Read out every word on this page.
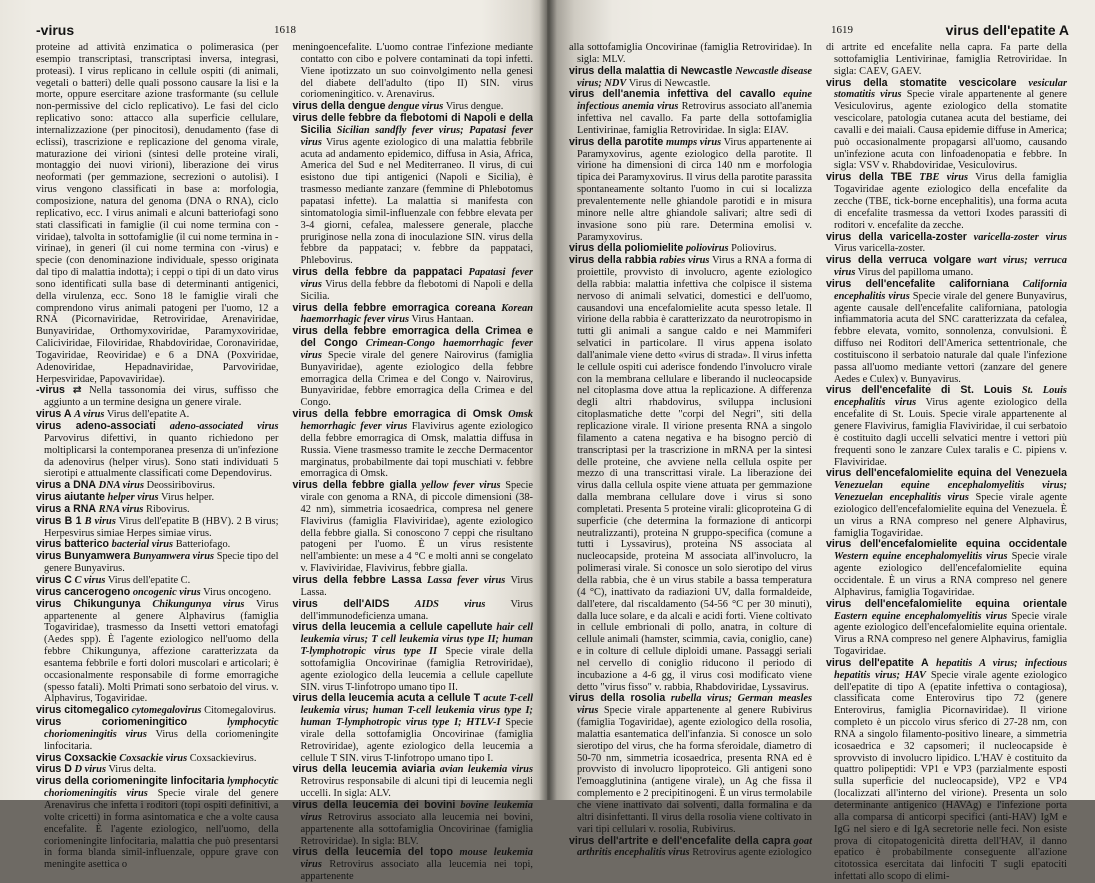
-virus	1618

proteine ad attività enzimatica o polimerasica (per esempio transcriptasi, transcriptasi inversa, integrasi, proteasi). I virus replicano in cellule ospiti (di animali, vegetali o batteri) delle quali possono causare la lisi e la morte, oppure esercitare azione trasformante (su cellule non-permissive del ciclo replicativo). Le fasi del ciclo replicativo sono: attacco alla superficie cellulare, internalizzazione (per pinocitosi), denudamento (fase di eclissi), trascrizione e replicazione del genoma virale, maturazione dei virioni (sintesi delle proteine virali, montaggio dei nuovi virioni), liberazione dei virus neoformati (per gemmazione, secrezioni o autolisi). I virus vengono classificati in base a: morfologia, composizione, natura del genoma (DNA o RNA), ciclo replicativo, ecc. I virus animali e alcuni batteriofagi sono stati classificati in famiglie (il cui nome termina con -viridae), talvolta in sottofamiglie (il cui nome termina in -virinae), in generi (il cui nome termina con -virus) e specie (con denominazione individuale, spesso originata dal tipo di malattia indotta); i ceppi o tipi di un dato virus sono identificati sulla base di determinanti antigenici, della virulenza, ecc. Sono 18 le famiglie virali che comprendono virus animali patogeni per l'uomo, 12 a RNA (Picornaviridae, Retroviridae, Arenaviridae, Bunyaviridae, Orthomyxoviridae, Paramyxoviridae, Caliciviridae, Filoviridae, Rhabdoviridae, Coronaviridae, Togaviridae, Reoviridae) e 6 a DNA (Poxviridae, Adenoviridae, Hepadnaviridae, Parvoviridae, Herpesviridae, Papovaviridae).

-virus ⇄ Nella tassonomia dei virus, suffisso che aggiunto a un termine designa un genere virale.

virus A A virus Virus dell'epatite A.

virus adeno-associati adeno-associated virus Parvovirus difettivi, in quanto richiedono per moltiplicarsi la contemporanea presenza di un'infezione da adenovirus (helper virus). Sono stati individuati 5 sierotipi e attualmente classificati come Dependovirus.

virus a DNA DNA virus Deossiribovirus.

virus aiutante helper virus Virus helper.

virus a RNA RNA virus Ribovirus.

virus B 1 B virus Virus dell'epatite B (HBV). 2 B virus; Herpesvirus simiae Herpes simiae virus.

virus batterico bacterial virus Batteriofago.

virus Bunyamwera Bunyamwera virus Specie tipo del genere Bunyavirus.

virus C C virus Virus dell'epatite C.

virus cancerogeno oncogenic virus Virus oncogeno.

virus Chikungunya Chikungunya virus Virus appartenente al genere Alphavirus (famiglia Togaviridae), trasmesso da Insetti vettori ematofagi (Aedes spp). È l'agente eziologico nell'uomo della febbre Chikungunya, affezione caratterizzata da esantema febbrile e forti dolori muscolari e articolari; è occasionalmente responsabile di forme emorragiche (spesso fatali). Molti Primati sono serbatoio del virus. v. Alphavirus, Togaviridae.

virus citomegalico cytomegalovirus Citomegalovirus.

virus coriomeningitico	lymphocytic choriomeningitis virus Virus della coriomeningite linfocitaria.

virus Coxsackie Coxsackie virus Coxsackievirus.

virus D D virus Virus delta.

virus della coriomeningite linfocitaria lymphocytic choriomeningitis virus Specie virale del genere Arenavirus che infetta i roditori (topi ospiti definitivi, a volte cricetti) in forma asintomatica e che a volte causa encefalite. È l'agente eziologico, nell'uomo, della coriomeningite linfocitaria, malattia che può presentarsi in forma blanda simil-influenzale, oppure grave con meningite asettica o

meningoencefalite. L'uomo contrae l'infezione mediante contatto con cibo e polvere contaminati da topi infetti. Viene ipotizzato un suo coinvolgimento nella genesi del diabete dell'adulto (tipo II) SIN. virus coriomeningitico. v. Arenavirus.

virus della dengue dengue virus Virus dengue.

virus delle febbre da flebotomi di Napoli e della Sicilia Sicilian sandfly fever virus; Papatasi fever virus Virus agente eziologico di una malattia febbrile acuta ad andamento epidemico, diffusa in Asia, Africa, America del Sud e nel Mediterraneo. Il virus, di cui esistono due tipi antigenici (Napoli e Sicilia), è trasmesso mediante zanzare (femmine di Phlebotomus papatasi infette). La malattia si manifesta con sintomatologia simil-influenzale con febbre elevata per 3-4 giorni, cefalea, malessere generale, placche pruriginose nella zona di inoculazione SIN. virus della febbre da pappataci; v. febbre da pappataci, Phlebovirus.

virus della febbre da pappataci Papatasi fever virus Virus della febbre da flebotomi di Napoli e della Sicilia.

virus della febbre emorragica coreana Korean haemorrhagic fever virus Virus Hantaan.

virus della febbre emorragica della Crimea e del Congo Crimean-Congo haemorrhagic fever virus Specie virale del genere Nairovirus (famiglia Bunyaviridae), agente eziologico della febbre emorragica della Crimea e del Congo v. Nairovirus, Bunyaviridae, febbre emorragica della Crimea e del Congo.

virus della febbre emorragica di Omsk Omsk hemorrhagic fever virus Flavivirus agente eziologico della febbre emorragica di Omsk, malattia diffusa in Russia. Viene trasmesso tramite le zecche Dermacentor marginatus, probabilmente dai topi muschiati v. febbre emorragica di Omsk.

virus della febbre gialla yellow fever virus Specie virale con genoma a RNA, di piccole dimensioni (38-42 nm), simmetria icosaedrica, compresa nel genere Flavivirus (famiglia Flaviviridae), agente eziologico della febbre gialla. Si conoscono 7 ceppi che risultano patogeni per l'uomo. È un virus resistente nell'ambiente: un mese a 4 °C e molti anni se congelato v. Flaviviridae, Flavivirus, febbre gialla.

virus della febbre Lassa Lassa fever virus Virus Lassa.

virus dell'AIDS AIDS virus Virus dell'immunodeficienza umana.

virus della leucemia a cellule capellute hair cell leukemia virus; T cell leukemia virus type II; human T-lymphotropic virus type II Specie virale della sottofamiglia Oncovirinae (famiglia Retroviridae), agente eziologico della leucemia a cellule capellute SIN. virus T-linfotropo umano tipo II.

virus della leucemia acuta a cellule T acute T-cell leukemia virus; human T-cell leukemia virus type I; human T-lymphotropic virus type I; HTLV-I Specie virale della sottofamiglia Oncovirinae (famiglia Retroviridae), agente eziologico della leucemia a cellule T SIN. virus T-linfotropo umano tipo I.

virus della leucemia aviaria avian leukemia virus Retrovirus responsabile di alcuni tipi di leucemia negli uccelli. In sigla: ALV.

virus della leucemia dei bovini bovine leukemia virus Retrovirus associato alla leucemia nei bovini, appartenente alla sottofamiglia Oncovirinae (famiglia Retroviridae). In sigla: BLV.

virus della leucemia del topo mouse leukemia virus Retrovirus associato alla leucemia nei topi, appartenente

1619	virus dell'epatite A

alla sottofamiglia Oncovirinae (famiglia Retroviridae). In sigla: MLV.

virus della malattia di Newcastle Newcastle disease virus; NDV Virus di Newcastle.

virus dell'anemia infettiva del cavallo equine infectious anemia virus Retrovirus associato all'anemia infettiva nel cavallo. Fa parte della sottofamiglia Lentivirinae, famiglia Retroviridae. In sigla: EIAV.

virus della parotite mumps virus Virus appartenente ai Paramyxovirus, agente eziologico della parotite. Il virione ha dimensioni di circa 140 nm e morfologia tipica dei Paramyxovirus. Il virus della parotite parassita spontaneamente soltanto l'uomo in cui si localizza prevalentemente nelle ghiandole parotidi e in misura minore nelle altre ghiandole salivari; altre sedi di invasione sono più rare. Determina emolisi v. Paramyxovirus.

virus della poliomielite poliovirus Poliovirus.

virus della rabbia rabies virus Virus a RNA a forma di proiettile, provvisto di involucro, agente eziologico della rabbia: malattia infettiva che colpisce il sistema nervoso di animali selvatici, domestici e dell'uomo, causandovi una encefalomielite acuta spesso letale. Il virione della rabbia è caratterizzato da neurotropismo in tutti gli animali a sangue caldo e nei Mammiferi selvatici in particolare. Il virus appena isolato dall'animale viene detto «virus di strada». Il virus infetta le cellule ospiti cui aderisce fondendo l'involucro virale con la membrana cellulare e liberando il nucleocapside nel citoplasma dove attua la replicazione. A differenza degli altri rhabdovirus, sviluppa inclusioni citoplasmatiche dette "corpi del Negri", siti della replicazione virale. Il virione presenta RNA a singolo filamento a catena negativa e ha bisogno perciò di transcriptasi per la trascrizione in mRNA per la sintesi delle proteine, che avviene nella cellula ospite per mezzo di una transcrittasi virale. La liberazione dei virus dalla cellula ospite viene attuata per gemmazione dalla membrana cellulare dove i virus si sono completati. Presenta 5 proteine virali: glicoproteina G di superficie (che determina la formazione di anticorpi neutralizzanti), proteina N gruppo-specifica (comune a tutti i Lyssavirus), proteina NS associata al nucleocapside, proteina M associata all'involucro, la polimerasi virale. Si conosce un solo sierotipo del virus della rabbia, che è un virus stabile a bassa temperatura (4 °C), inattivato da radiazioni UV, dalla formaldeide, dall'etere, dal riscaldamento (54-56 °C per 30 minuti), dalla luce solare, e da alcali e acidi forti. Viene coltivato in cellule embrionali di pollo, anatra, in colture di cellule animali (hamster, scimmia, cavia, coniglio, cane) e in colture di cellule diploidi umane. Passaggi seriali nel cervello di coniglio riducono il periodo di incubazione a 4-6 gg, il virus così modificato viene detto "virus fisso" v. rabbia, Rhabdoviridae, Lyssavirus.

virus della rosolia rubella virus; German measles virus Specie virale appartenente al genere Rubivirus (famiglia Togaviridae), agente eziologico della rosolia, malattia esantematica dell'infanzia. Si conosce un solo sierotipo del virus, che ha forma sferoidale, diametro di 50-70 nm, simmetria icosaedrica, presenta RNA ed è provvisto di involucro lipoproteico. Gli antigeni sono l'emoagglutinina (antigene virale), un Ag che fissa il complemento e 2 precipitinogeni. È un virus termolabile che viene inattivato dai solventi, dalla formalina e da altri disinfettanti. Il virus della rosolia viene coltivato in vari tipi cellulari v. rosolia, Rubivirus.

virus dell'artrite e dell'encefalite della capra goat arthritis encephalitis virus Retrovirus agente eziologico

di artrite ed encefalite nella capra. Fa parte della sottofamiglia Lentivirinae, famiglia Retroviridae. In sigla: CAEV, GAEV.

virus della stomatite vescicolare vesicular stomatitis virus Specie virale appartenente al genere Vesiculovirus, agente eziologico della stomatite vescicolare, patologia cutanea acuta del bestiame, dei cavalli e dei maiali. Causa epidemie diffuse in America; può occasionalmente propagarsi all'uomo, causando un'infezione acuta con linfoadenopatia e febbre. In sigla: VSV v. Rhabdoviridae, Vesiculovirus.

virus della TBE TBE virus Virus della famiglia Togaviridae agente eziologico della encefalite da zecche (TBE, tick-borne encephalitis), una forma acuta di encefalite trasmessa da vettori Ixodes parassiti di roditori v. encefalite da zecche.

virus della varicella-zoster varicella-zoster virus Virus varicella-zoster.

virus della verruca volgare wart virus; verruca virus Virus del papilloma umano.

virus dell'encefalite californiana California encephalitis virus Specie virale del genere Bunyavirus, agente causale dell'encefalite californiana, patologia infiammatoria acuta del SNC caratterizzata da cefalea, febbre elevata, vomito, sonnolenza, convulsioni. È diffuso nei Roditori dell'America settentrionale, che costituiscono il serbatoio naturale dal quale l'infezione passa all'uomo mediante vettori (zanzare del genere Aedes e Culex) v. Bunyavirus.

virus dell'encefalite di St. Louis St. Louis encephalitis virus Virus agente eziologico della encefalite di St. Louis. Specie virale appartenente al genere Flavivirus, famiglia Flaviviridae, il cui serbatoio è costituito dagli uccelli selvatici mentre i vettori più frequenti sono le zanzare Culex taralis e C. pipiens v. Flaviviridae.

virus dell'encefalomielite equina del Venezuela Venezuelan equine encephalomyelitis virus; Venezuelan encephalitis virus Specie virale agente eziologico dell'encefalomielite equina del Venezuela. È un virus a RNA compreso nel genere Alphavirus, famiglia Togaviridae.

virus dell'encefalomielite equina occidentale Western equine encephalomyelitis virus Specie virale agente eziologico dell'encefalomielite equina occidentale. È un virus a RNA compreso nel genere Alphavirus, famiglia Togaviridae.

virus dell'encefalomielite equina orientale Eastern equine encephalomyelitis virus Specie virale agente eziologico dell'encefalomielite equina orientale. Virus a RNA compreso nel genere Alphavirus, famiglia Togaviridae.

virus dell'epatite A hepatitis A virus; infectious hepatitis virus; HAV Specie virale agente eziologico dell'epatite di tipo A (epatite infettiva o contagiosa), classificata come Enterovirus tipo 72 (genere Enterovirus, famiglia Picornaviridae). Il virione completo è un piccolo virus sferico di 27-28 nm, con RNA a singolo filamento-positivo lineare, a simmetria icosaedrica e 32 capsomeri; il nucleocapside è sprovvisto di involucro lipidico. L'HAV è costituito da quattro polipeptidi: VP1 e VP3 (parzialmente esposti sulla superficie del nucleocapside), VP2 e VP4 (localizzati all'interno del virione). Presenta un solo determinante antigenico (HAVAg) e l'infezione porta alla comparsa di anticorpi specifici (anti-HAV) IgM e IgG nel siero e di IgA secretorie nelle feci. Non esiste prova di citopatogenicità diretta dell'HAV, il danno epatico è probabilmente conseguente all'azione citotossica esercitata dai linfociti T sugli epatociti infettati allo scopo di elimi-
